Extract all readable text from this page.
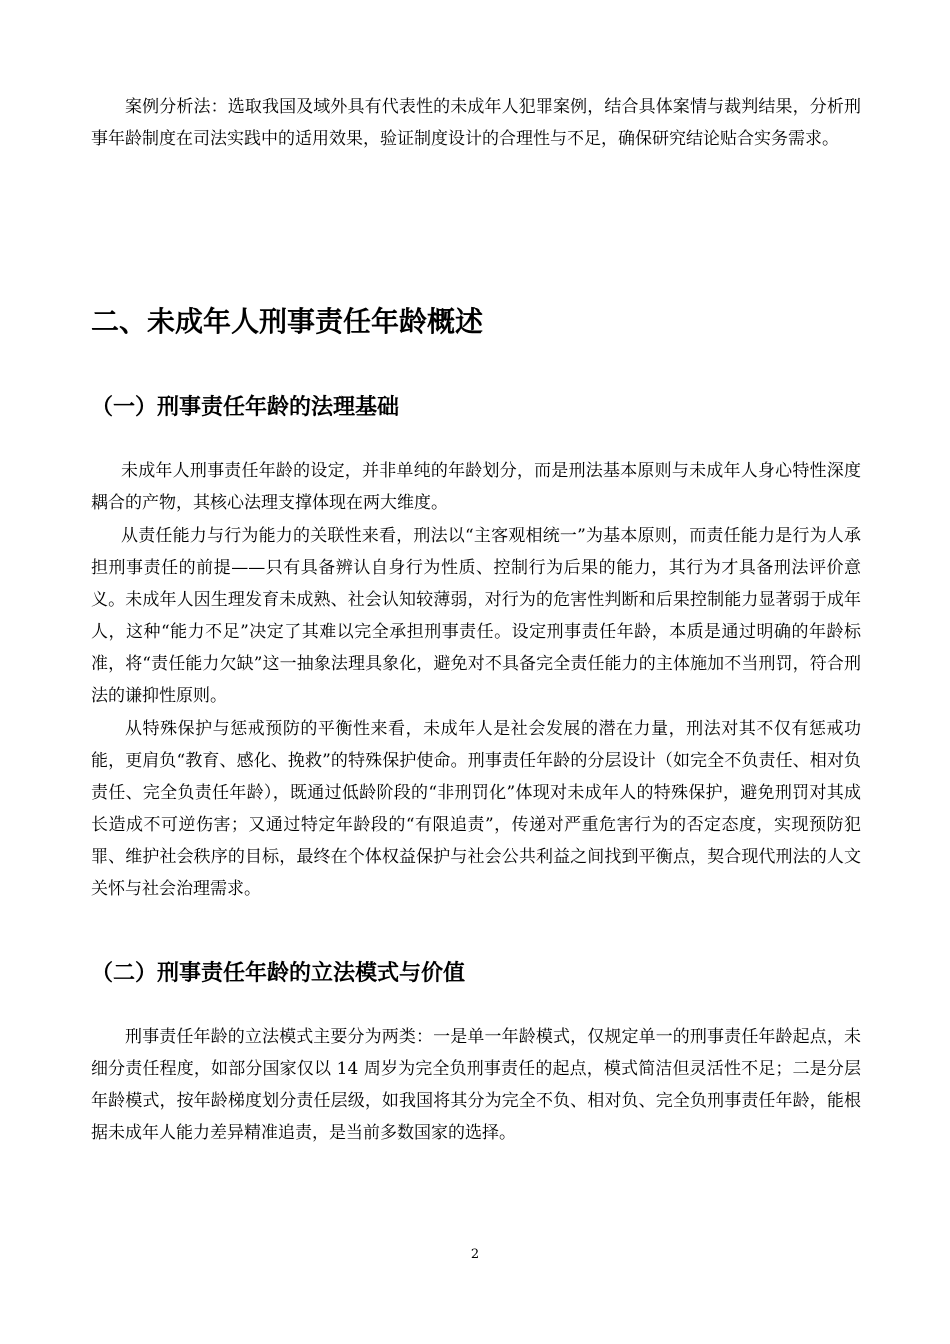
案例分析法：选取我国及域外具有代表性的未成年人犯罪案例，结合具体案情与裁判结果，分析刑事年龄制度在司法实践中的适用效果，验证制度设计的合理性与不足，确保研究结论贴合实务需求。

二、未成年人刑事责任年龄概述
（一）刑事责任年龄的法理基础

未成年人刑事责任年龄的设定，并非单纯的年龄划分，而是刑法基本原则与未成年人身心特性深度耦合的产物，其核心法理支撑体现在两大维度。

从责任能力与行为能力的关联性来看，刑法以“主客观相统一”为基本原则，而责任能力是行为人承担刑事责任的前提——只有具备辨认自身行为性质、控制行为后果的能力，其行为才具备刑法评价意义。未成年人因生理发育未成熟、社会认知较薄弱，对行为的危害性判断和后果控制能力显著弱于成年人，这种“能力不足”决定了其难以完全承担刑事责任。设定刑事责任年龄，本质是通过明确的年龄标准，将“责任能力欠缺”这一抽象法理具象化，避免对不具备完全责任能力的主体施加不当刑罚，符合刑法的谦抑性原则。

从特殊保护与惩戒预防的平衡性来看，未成年人是社会发展的潜在力量，刑法对其不仅有惩戒功能，更肩负“教育、感化、挽救”的特殊保护使命。刑事责任年龄的分层设计（如完全不负责任、相对负责任、完全负责任年龄），既通过低龄阶段的“非刑罚化”体现对未成年人的特殊保护，避免刑罚对其成长造成不可逆伤害；又通过特定年龄段的“有限追责”，传递对严重危害行为的否定态度，实现预防犯罪、维护社会秩序的目标，最终在个体权益保护与社会公共利益之间找到平衡点，契合现代刑法的人文关怀与社会治理需求。

（二）刑事责任年龄的立法模式与价值

刑事责任年龄的立法模式主要分为两类：一是单一年龄模式，仅规定单一的刑事责任年龄起点，未细分责任程度，如部分国家仅以 14 周岁为完全负刑事责任的起点，模式简洁但灵活性不足；二是分层年龄模式，按年龄梯度划分责任层级，如我国将其分为完全不负、相对负、完全负刑事责任年龄，能根据未成年人能力差异精准追责，是当前多数国家的选择。

2
